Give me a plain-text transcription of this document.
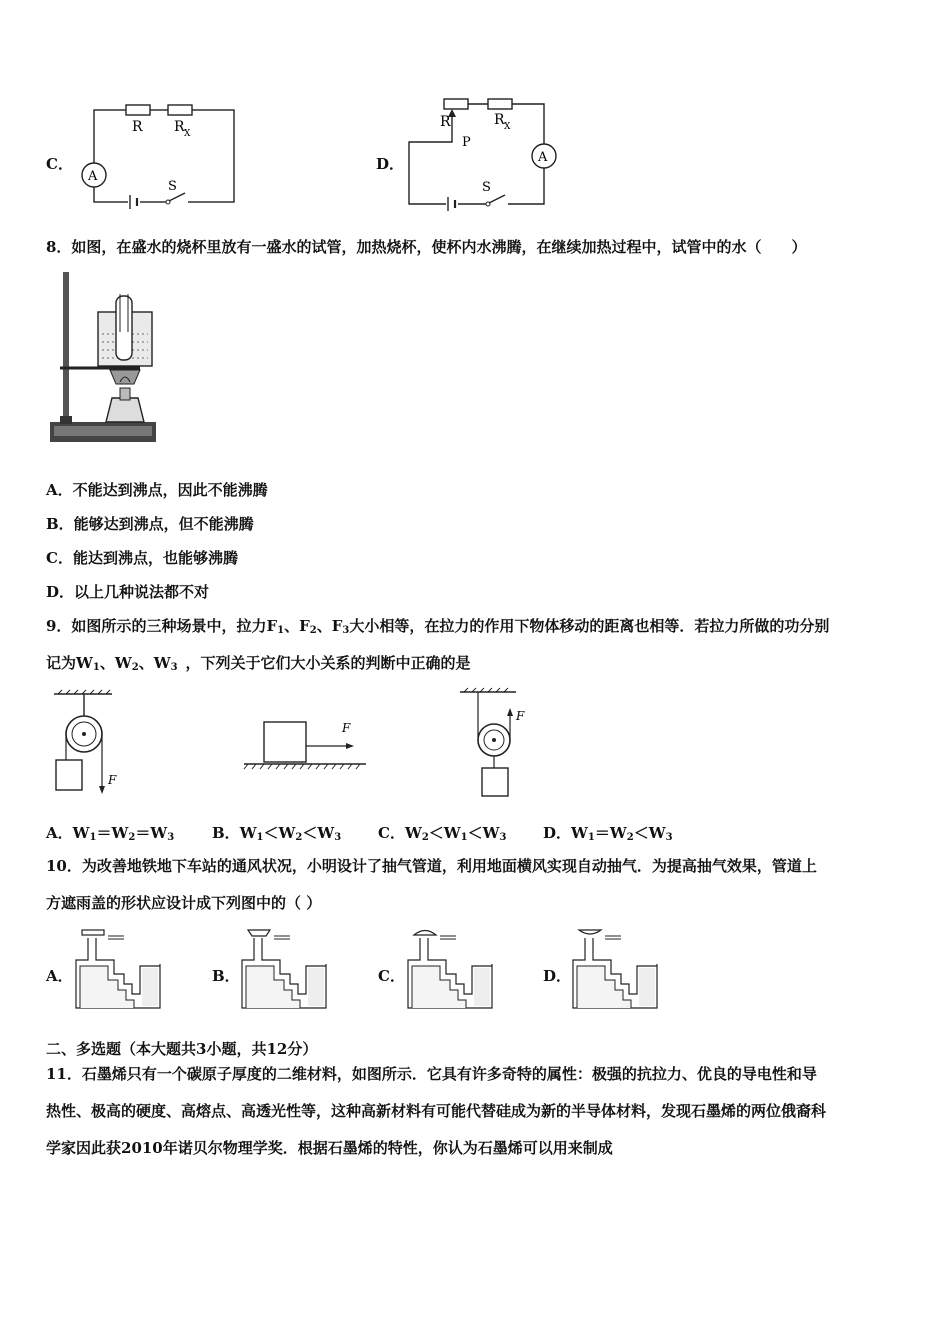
C．
R R X
A
S
D．
R
P
R X
A
S
8．如图，在盛水的烧杯里放有一盛水的试管，加热烧杯，使杯内水沸腾，在继续加热过程中，试管中的水（　　）
A．不能达到沸点，因此不能沸腾
B．能够达到沸点，但不能沸腾
C．能达到沸点，也能够沸腾
D．以上几种说法都不对
9．如图所示的三种场景中，拉力$F_1$、$F_2$、$F_3$大小相等，在拉力的作用下物体移动的距离也相等．若拉力所做的功分别
记为$W_1$、$W_2$、$W_3$ ，下列关于它们大小关系的判断中正确的是
F
F
F
A．$W_1=W_2=W_3$	B．$W_1<W_2<W_3$ C．$W_2<W_1<W_3$ D．$W_1=W_2<W_3$
10．为改善地铁地下车站的通风状况，小明设计了抽气管道，利用地面横风实现自动抽气．为提高抽气效果，管道上
方遮雨盖的形状应设计成下列图中的（ ）
A．	B．	C．	D．
二、多选题（本大题共3小题，共12分）
11．石墨烯只有一个碳原子厚度的二维材料，如图所示．它具有许多奇特的属性：极强的抗拉力、优良的导电性和导
热性、极高的硬度、高熔点、高透光性等，这种高新材料有可能代替硅成为新的半导体材料，发现石墨烯的两位俄裔科
学家因此获2010年诺贝尔物理学奖．根据石墨烯的特性，你认为石墨烯可以用来制成
